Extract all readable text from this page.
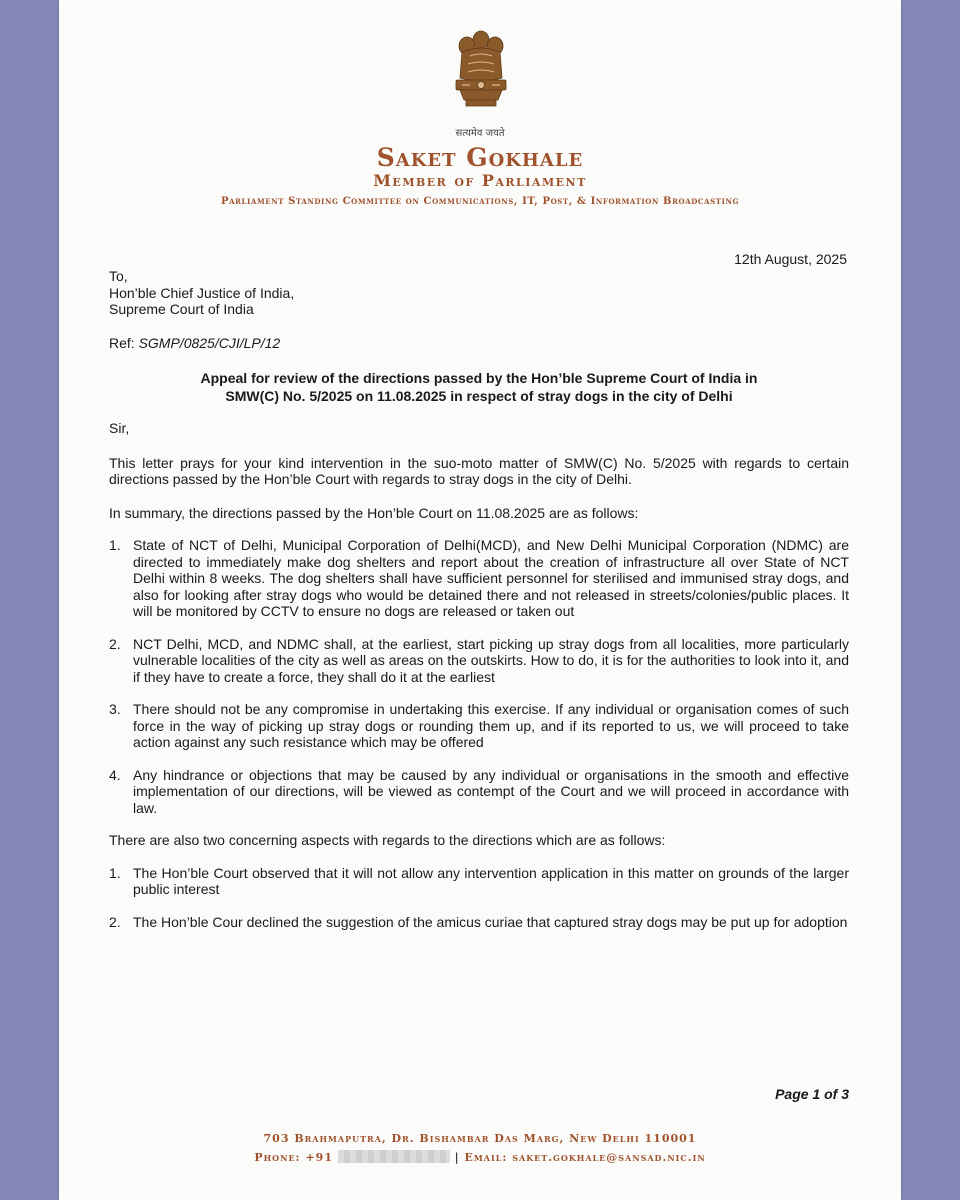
सत्यमेव जयते
Saket Gokhale
Member of Parliament
Parliament Standing Committee on Communications, IT, Post, & Information Broadcasting
12th August, 2025

To,

Hon’ble Chief Justice of India,

Supreme Court of India

Ref: SGMP/0825/CJI/LP/12

Appeal for review of the directions passed by the Hon’ble Supreme Court of India in
SMW(C) No. 5/2025 on 11.08.2025 in respect of stray dogs in the city of Delhi

Sir,

This letter prays for your kind intervention in the suo-moto matter of SMW(C) No. 5/2025 with regards to certain directions passed by the Hon’ble Court with regards to stray dogs in the city of Delhi.

In summary, the directions passed by the Hon’ble Court on 11.08.2025 are as follows:

1. State of NCT of Delhi, Municipal Corporation of Delhi(MCD), and New Delhi Municipal Corporation (NDMC) are directed to immediately make dog shelters and report about the creation of infrastructure all over State of NCT Delhi within 8 weeks. The dog shelters shall have sufficient personnel for sterilised and immunised stray dogs, and also for looking after stray dogs who would be detained there and not released in streets/colonies/public places. It will be monitored by CCTV to ensure no dogs are released or taken out
2. NCT Delhi, MCD, and NDMC shall, at the earliest, start picking up stray dogs from all localities, more particularly vulnerable localities of the city as well as areas on the outskirts. How to do, it is for the authorities to look into it, and if they have to create a force, they shall do it at the earliest
3. There should not be any compromise in undertaking this exercise. If any individual or organisation comes of such force in the way of picking up stray dogs or rounding them up, and if its reported to us, we will proceed to take action against any such resistance which may be offered
4. Any hindrance or objections that may be caused by any individual or organisations in the smooth and effective implementation of our directions, will be viewed as contempt of the Court and we will proceed in accordance with law.

There are also two concerning aspects with regards to the directions which are as follows:

1. The Hon’ble Court observed that it will not allow any intervention application in this matter on grounds of the larger public interest
2. The Hon’ble Cour declined the suggestion of the amicus curiae that captured stray dogs may be put up for adoption
Page 1 of 3
703 Brahmaputra, Dr. Bishambar Das Marg, New Delhi 110001
Phone: +91	| Email: saket.gokhale@sansad.nic.in
